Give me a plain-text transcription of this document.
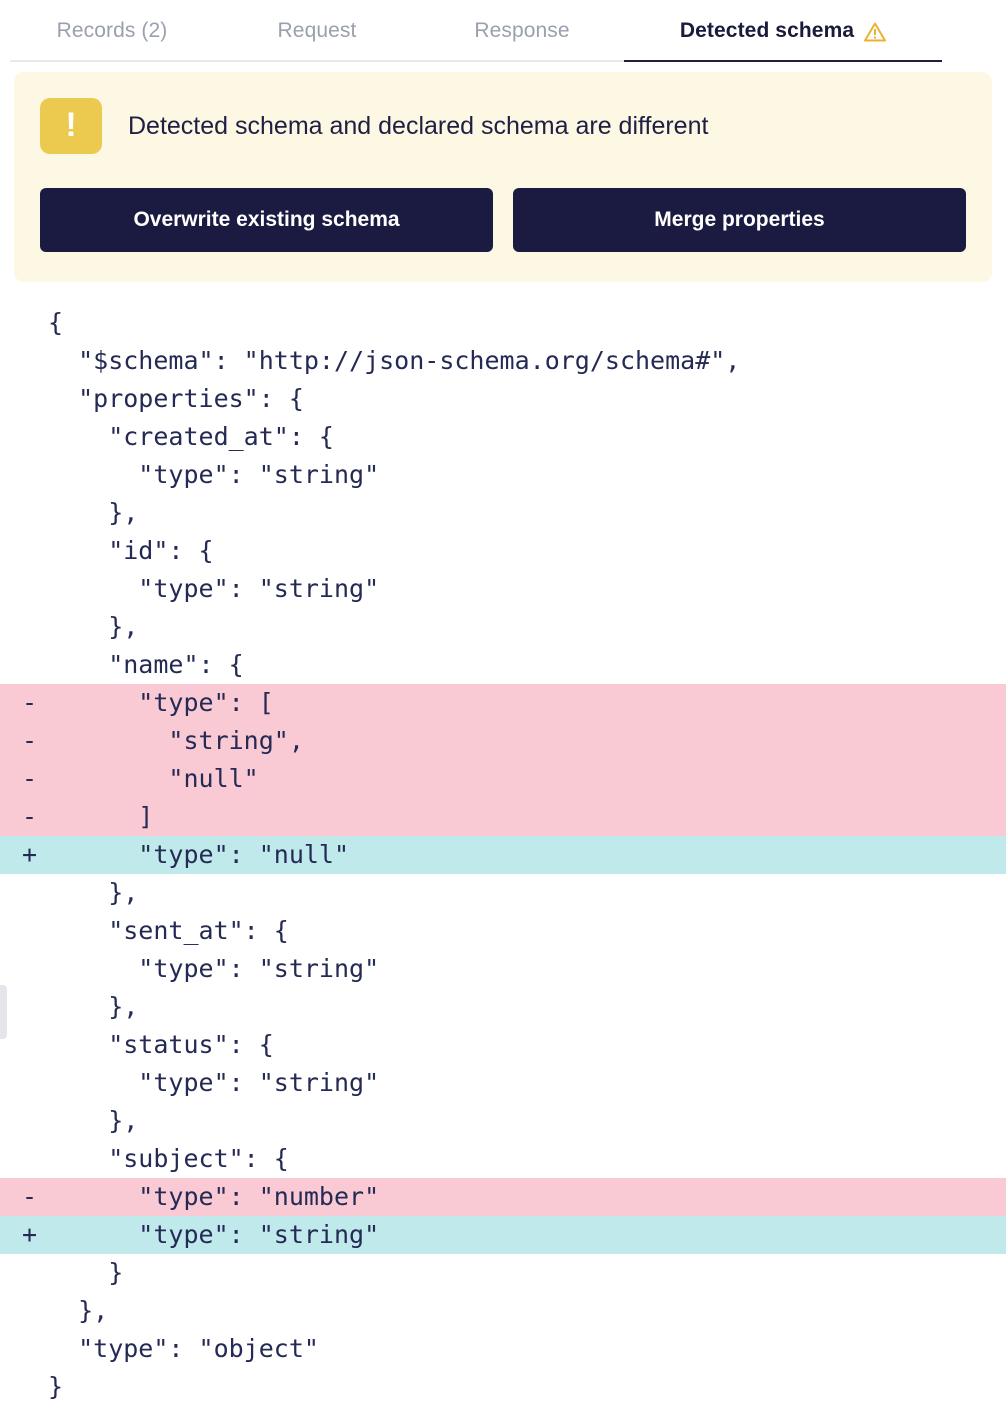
Records (2)	Request	Response	Detected schema
! Detected schema and declared schema are different
Overwrite existing schema	Merge properties
{
"$schema": "http://json-schema.org/schema#",
"properties": {
"created_at": {
"type": "string"
},
"id": {
"type": "string"
},
"name": {
- "type": [
- "string",
- "null"
- ]
+ "type": "null"
},
"sent_at": {
"type": "string"
},
"status": {
"type": "string"
},
"subject": {
- "type": "number"
+ "type": "string"
}
},
"type": "object"
}
